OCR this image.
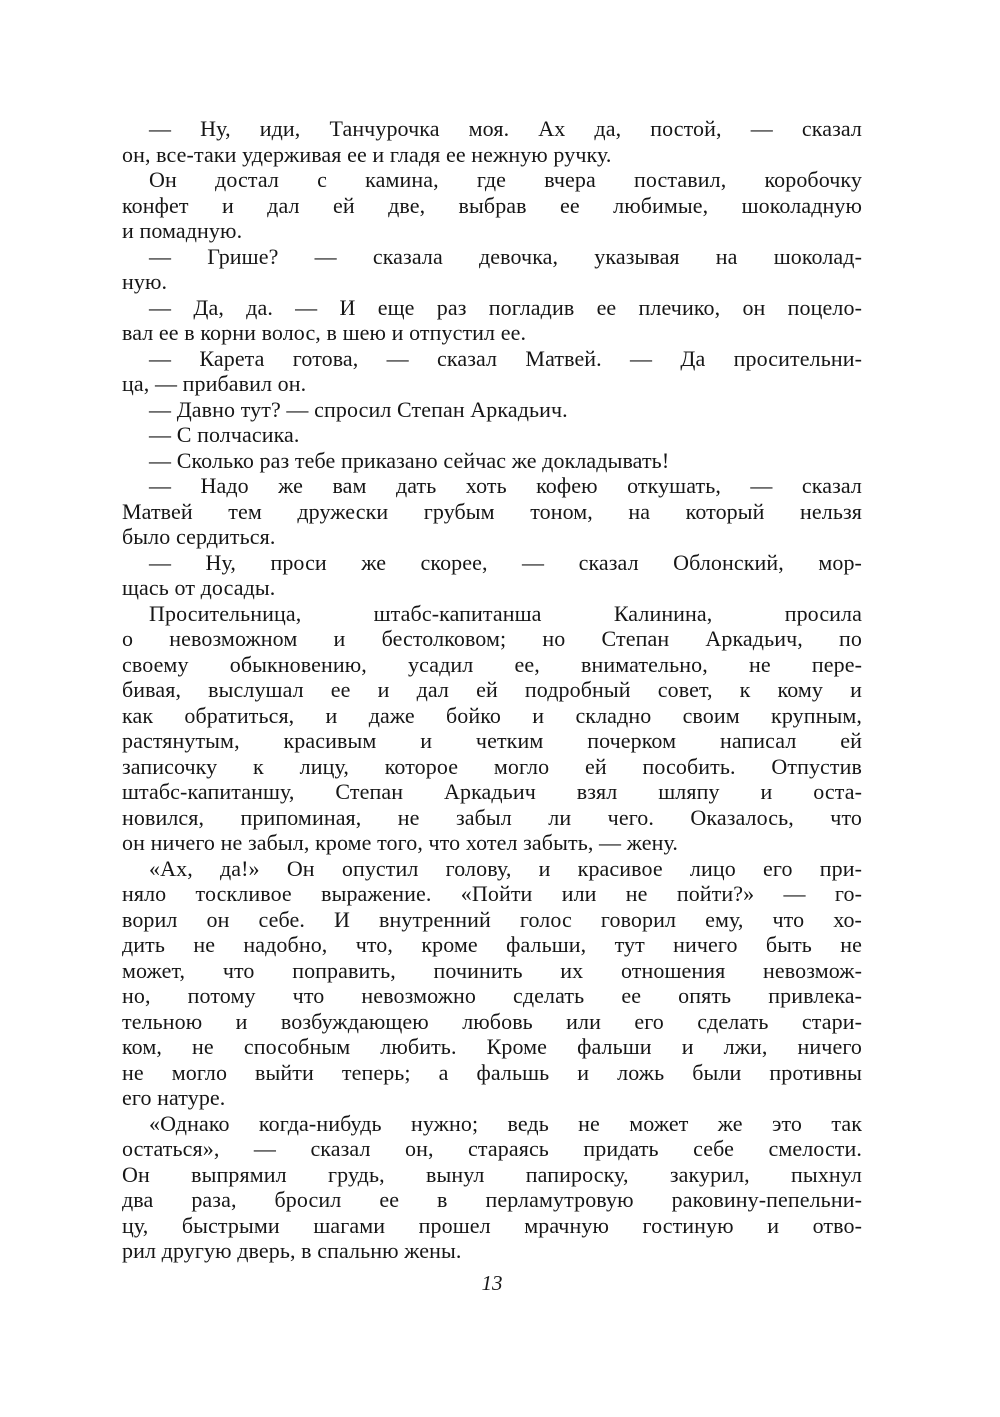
— Ну, иди, Танчурочка моя. Ах да, постой, — сказал
он, все-таки удерживая ее и гладя ее нежную ручку.
Он достал с камина, где вчера поставил, коробочку
конфет и дал ей две, выбрав ее любимые, шоколадную
и помадную.
— Грише? — сказала девочка, указывая на шоколад-
ную.
— Да, да. — И еще раз погладив ее плечико, он поцело-
вал ее в корни волос, в шею и отпустил ее.
— Карета готова, — сказал Матвей. — Да просительни-
ца, — прибавил он.
— Давно тут? — спросил Степан Аркадьич.
— С полчасика.
— Сколько раз тебе приказано сейчас же докладывать!
— Надо же вам дать хоть кофею откушать, — сказал
Матвей тем дружески грубым тоном, на который нельзя
было сердиться.
— Ну, проси же скорее, — сказал Облонский, мор-
щась от досады.
Просительница, штабс-капитанша Калинина, просила
о невозможном и бестолковом; но Степан Аркадьич, по
своему обыкновению, усадил ее, внимательно, не пере-
бивая, выслушал ее и дал ей подробный совет, к кому и
как обратиться, и даже бойко и складно своим крупным,
растянутым, красивым и четким почерком написал ей
записочку к лицу, которое могло ей пособить. Отпустив
штабс-капитаншу, Степан Аркадьич взял шляпу и оста-
новился, припоминая, не забыл ли чего. Оказалось, что
он ничего не забыл, кроме того, что хотел забыть, — жену.
«Ах, да!» Он опустил голову, и красивое лицо его при-
няло тоскливое выражение. «Пойти или не пойти?» — го-
ворил он себе. И внутренний голос говорил ему, что хо-
дить не надобно, что, кроме фальши, тут ничего быть не
может, что поправить, починить их отношения невозмож-
но, потому что невозможно сделать ее опять привлека-
тельною и возбуждающею любовь или его сделать стари-
ком, не способным любить. Кроме фальши и лжи, ничего
не могло выйти теперь; а фальшь и ложь были противны
его натуре.
«Однако когда-нибудь нужно; ведь не может же это так
остаться», — сказал он, стараясь придать себе смелости.
Он выпрямил грудь, вынул папироску, закурил, пыхнул
два раза, бросил ее в перламутровую раковину-пепельни-
цу, быстрыми шагами прошел мрачную гостиную и отво-
рил другую дверь, в спальню жены.
13
